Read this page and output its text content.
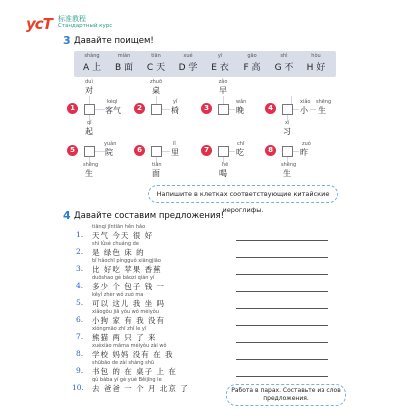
ycT 标准教程
Стандартный курс
3 Давайте поищем!
shàng
A 上
miàn
B 面
tiān
C 天
xué
D 学
yī
E 衣
gāo
F 高
shì
G 不
hòu
H 好
duì
对
zhuō
桌
zǎo
早
1
kèqi
客气
qǐ
起
2
yǐ
椅	3
wǎn
晚	4
xiǎo
小
shēng
生
xí
习
5
yuàn
院
shēng
生
6
lǐ
里
tiān
面
7
chī
吃
hē
喝
8
zuó
昨
shēng
生
Напишите в клетках соответствующие китайские иероглифы.
4 Давайте составим предложения!
tiānqì jīntiān hěn hǎo
1. 天气 今天 很 好
shì lǜsè chuáng de
2. 是 绿色 床 的
bǐ hǎochī píngguǒ xiāngjiāo
3. 比 好吃 苹果 香蕉
duōshao gè bāozi qián yí
4. 多少 个 包子 钱 一
kěyǐ zhèr wǒ zuò ma
5. 可以 这儿 我 坐 吗
xiǎogǒu jiā yǒu wǒ méiyǒu
6. 小狗 家 有 我 没有
xióngmāo zhī zhǐ le yī
7. 熊猫 两 只 了 来
xuéxiào māma méiyǒu zài wǒ
8. 学校 妈妈 没有 在 我
shūbāo de zài shàng shū
9. 书包 的 在 桌子 上 在
qù bàba yí gè yuè Běijīng le
10. 去 爸爸 一 个 月 北京 了	Работа в парах. Составьте из слов предложения.
